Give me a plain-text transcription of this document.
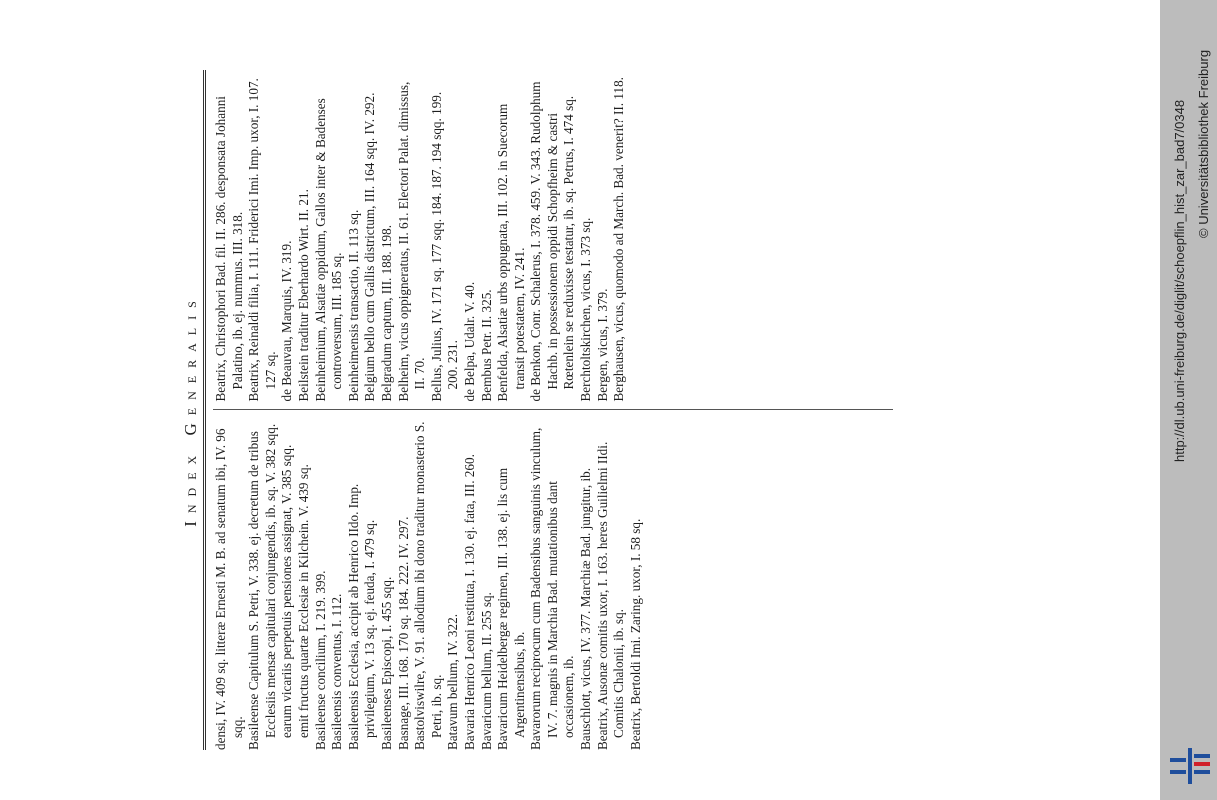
Index Generalis

densi, IV. 409 sq. litteræ Ernesti M. B. ad senatum ibi, IV. 96 sqq. Basileense Capitulum S. Petri, V. 338. ej. decretum de tribus Ecclesiis mensæ capitulari conjungendis, ib. sq. V. 382 sqq. earum vicariis perpetuis pensiones assignat, V. 385 sqq. emit fructus quartæ Ecclesiæ in Kilchein. V. 439 sq. Basileense concilium, I. 219. 399. Basileensis conventus, I. 112. Basileensis Ecclesia, accipit ab Henrico IIdo. Imp. privilegium, V. 13 sq. ej. feuda, I. 479 sq. Basileenses Episcopi, I. 455 sqq. Basnage, III. 168. 170 sq. 184. 222. IV. 297. Bastolviswilre, V. 91. allodium ibi dono traditur monasterio S. Petri, ib. sq. Batavum bellum, IV. 322. Bavaria Henrico Leoni restituta, I. 130. ej. fata, III. 260. Bavaricum bellum, II. 255 sq. Bavaricum Heidelbergæ regimen, III. 138. ej. lis cum Argentinensibus, ib. Bavarorum reciprocum cum Badensibus sanguinis vinculum, IV. 7. magnis in Marchia Bad. mutationibus dant occasionem, ib. Bauschlott, vicus, IV. 377. Marchiæ Bad. jungitur, ib. Beatrix, Ausonæ comitis uxor, I. 163. heres Guilielmi IIdi. Comitis Chalonii, ib. sq. Beatrix, Bertoldi Imi. Zaring. uxor, I. 58 sq.

Beatrix, Christophori Bad. fil. II. 286. desponsata Johanni Palatino, ib. ej. nummus. III. 318. Beatrix, Reinaldi filia, I. 111. Friderici Imi. Imp. uxor, I. 107. 127 sq. de Beauvau, Marquis, IV. 319. Beilstein traditur Eberhardo Wirt. II. 21. Beinheimium, Alsatiæ oppidum, Gallos inter & Badenses controversum, III. 185 sq. Beinheimensis transactio, II. 113 sq. Belgium bello cum Gallis districtum, III. 164 sqq. IV. 292. Belgradum captum, III. 188. 198. Belheim, vicus oppigneratus, II. 61. Electori Palat. dimissus, II. 70. Bellus, Julius, IV. 171 sq. 177 sqq. 184. 187. 194 sqq. 199. 200. 231. de Belpa, Udalr. V. 40. Bembus Petr. II. 325. Benfelda, Alsatiæ urbs oppugnata, III. 102. in Suecorum transit potestatem, IV. 241. de Benkon, Conr. Schalerus, I. 378. 459. V. 343. Rudolphum Hachb. in possessionem oppidi Schopfheim & castri Rœtenlein se reduxisse testatur, ib. sq. Petrus, I. 474 sq. Berchtoltskirchen, vicus, I. 373 sq. Bergen, vicus, I. 379. Berghausen, vicus, quomodo ad March. Bad. venerit? II. 118.	http://dl.ub.uni-freiburg.de/diglit/schoepflin_hist_zar_bad7/0348 © Universitätsbibliothek Freiburg
